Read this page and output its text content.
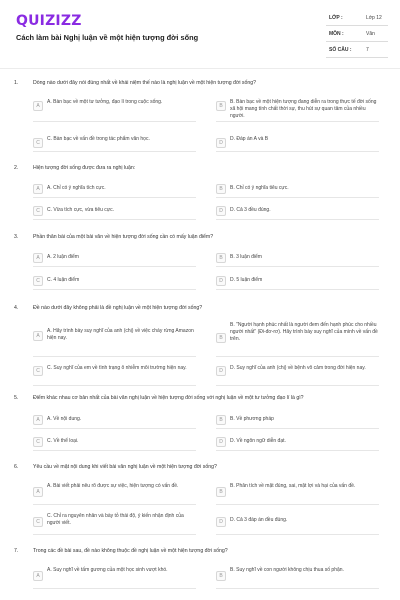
QUIZIZZ
Cách làm bài Nghị luận về một hiện tượng đời sống
LỚP :	Lớp 12
MÔN :	Văn
SỐ CÂU :	7
1.	Dòng nào dưới đây nói đúng nhất về khái niệm thế nào là nghị luận về một hiện tượng đời sống?
A
A. Bàn bạc về một tư tưởng, đạo lí trong cuộc sống.
B
B. Bàn bạc về một hiện tượng đang diễn ra trong thực tế đời sống xã hội mang tính chất thời sự, thu hút sự quan tâm của nhiều người.
C
C. Bàn bạc về vấn đề trong tác phẩm văn học.
D
D. Đáp án A và B
2.	Hiện tượng đời sống được đưa ra nghị luận:
A	A. Chỉ có ý nghĩa tích cực.	B	B. Chỉ có ý nghĩa tiêu cực.
C	C. Vừa tích cực, vừa tiêu cực.	D	D. Cả 3 đều đúng.
3.	Phần thân bài của một bài văn về hiện tượng đời sống cần có mấy luận điểm?
A	A. 2 luận điểm	B	B. 3 luận điểm
C	C. 4 luận điểm	D	D. 5 luận điểm
4.	Đề nào dưới đây không phải là đề nghị luận về một hiện tượng đời sống?
A
A. Hãy trình bày suy nghĩ của anh (chị) về việc cháy rừng Amazon hiện nay.	B
B. "Người hạnh phúc nhất là người đem đến hạnh phúc cho nhiều người nhất" (Đi-đơ-rơ). Hãy trình bày suy nghĩ của mình về vấn đề trên.
C	C. Suy nghĩ của em về tình trạng ô nhiễm môi trường hiện nay.	D	D. Suy nghĩ của anh (chị) về bệnh vô cảm trong đời hiện nay.
5.	Điểm khác nhau cơ bản nhất của bài văn nghị luận về hiện tượng đời sống với nghị luận về một tư tưởng đạo lí là gì?
A	A. Về nội dung.	B	B. Về phương pháp
C	C. Về thể loại.	D	D. Về ngôn ngữ diễn đạt.
6.	Yêu cầu về mặt nội dung khi viết bài văn nghị luận về một hiện tượng đời sống?
A
A. Bài viết phải nêu rõ được sự việc, hiện tượng có vấn đề.
B
B. Phân tích về mặt đúng, sai, mặt lợi và hại của vấn đề.
C
C. Chỉ ra nguyên nhân và bày tỏ thái độ, ý kiến nhận định của người viết.	D	D. Cả 3 đáp án đều đúng.
7.	Trong các đề bài sau, đề nào không thuộc đề nghị luận về một hiện tượng đời sống?
A
A. Suy nghĩ về tấm gương của một học sinh vượt khó.
B
B. Suy nghĩ về con người không chịu thua số phận.
